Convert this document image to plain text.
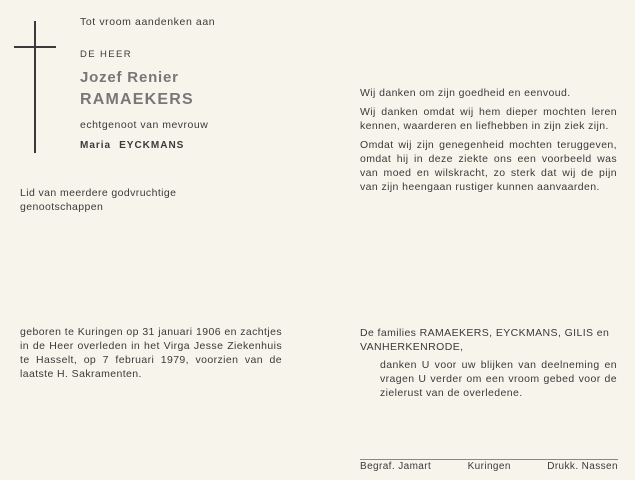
Tot vroom aandenken aan
DE HEER
Jozef Renier
RAMAEKERS
echtgenoot van mevrouw
Maria EYCKMANS
Lid van meerdere godvruchtige genootschappen
geboren te Kuringen op 31 januari 1906 en zachtjes in de Heer overleden in het Virga Jesse Ziekenhuis te Hasselt, op 7 februari 1979, voorzien van de laatste H. Sakramenten.

Wij danken om zijn goedheid en eenvoud.

Wij danken omdat wij hem dieper mochten leren kennen, waarderen en liefhebben in zijn ziek zijn.

Omdat wij zijn genegenheid mochten teruggeven, omdat hij in deze ziekte ons een voorbeeld was van moed en wilskracht, zo sterk dat wij de pijn van zijn heengaan rustiger kunnen aanvaarden.

De families RAMAEKERS, EYCKMANS, GILIS en VANHERKENRODE,

danken U voor uw blijken van deelneming en vragen U verder om een vroom gebed voor de zielerust van de overledene.

Begraf. Jamart	Kuringen	Drukk. Nassen
